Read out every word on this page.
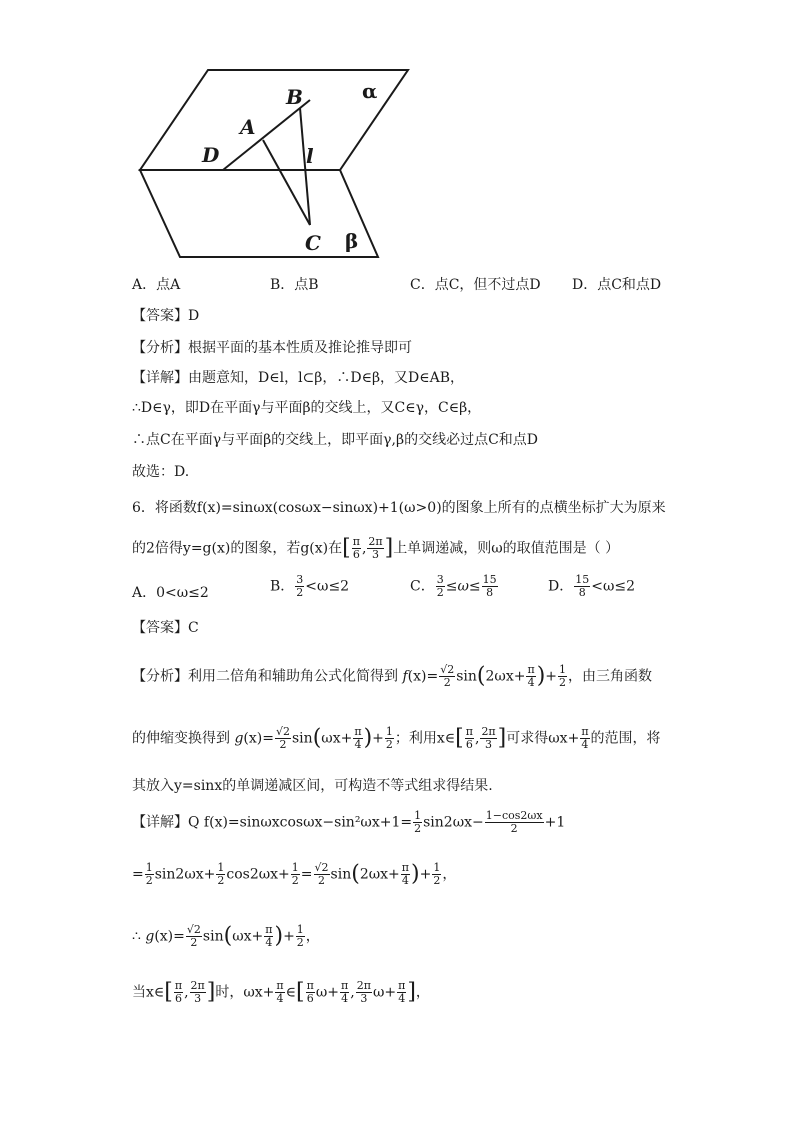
B	α
A
D	l
C β
A．点A	B．点B	C．点C，但不过点D D．点C和点D
【答案】D
【分析】根据平面的基本性质及推论推导即可
【详解】由题意知，D∈l，l⊂β，∴D∈β，又D∈AB，
∴D∈γ，即D在平面γ与平面β的交线上，又C∈γ，C∈β，
∴点C在平面γ与平面β的交线上，即平面γ,β的交线必过点C和点D
故选：D.
6．将函数f(x)=sinωx(cosωx−sinωx)+1(ω>0)的图象上所有的点横坐标扩大为原来
的2倍得y=g(x)的图象，若g(x)在[ $\frac{\pi}{6}$ , $\frac{2\pi}{3}$ ]上单调递减，则ω的取值范围是（ ）
A．0<ω≤2	B． $\frac{3}{2} <\omega\le 2$	C． $\frac{3}{2} \le\omega\le \frac{15}{8}$	D． $\frac{15}{8} <\omega\le 2$
【答案】C
【分析】利用二倍角和辅助角公式化简得到 $f(x)= \frac{√2}{2} \sin(2\omega x+ \frac{\pi}{4}$ )+ $\frac{1}{2}$ ，由三角函数
的伸缩变换得到 $g(x)= \frac{√2}{2} \sin(\omega x+ \frac{\pi}{4}$ )+ $\frac{1}{2}$ ；利用x∈[ $\frac{\pi}{6}$ , $\frac{2\pi}{3}$ ]可求得$\omega x+ \frac{\pi}{4}$ 的范围，将
其放入y=sinx的单调递减区间，可构造不等式组求得结果.
【详解】Q $f(x)=\sin\omega xcos\omega x-\sin^2\omega x+1= \frac{1}{2} \sin 2\omega x- \frac{1-\cos 2\omega x}{2} +1$
= $\frac{1}{2} \sin 2\omega x+ \frac{1}{2} \cos 2\omega x+ \frac{1}{2} = \frac{√2}{2} \sin(2\omega x+ \frac{\pi}{4}$ )+ $\frac{1}{2}$ ，
∴ $g(x)= \frac{√2}{2} \sin(\omega x+ \frac{\pi}{4}$ )+ $\frac{1}{2}$ ，
当x∈[ $\frac{\pi}{6}$ , $\frac{2\pi}{3}$ ]时，$\omega x+ \frac{\pi}{4}$ ∈[ $\frac{\pi}{6} \omega+ \frac{\pi}{4}$ , $\frac{2\pi}{3} \omega+ \frac{\pi}{4}$ ]，
